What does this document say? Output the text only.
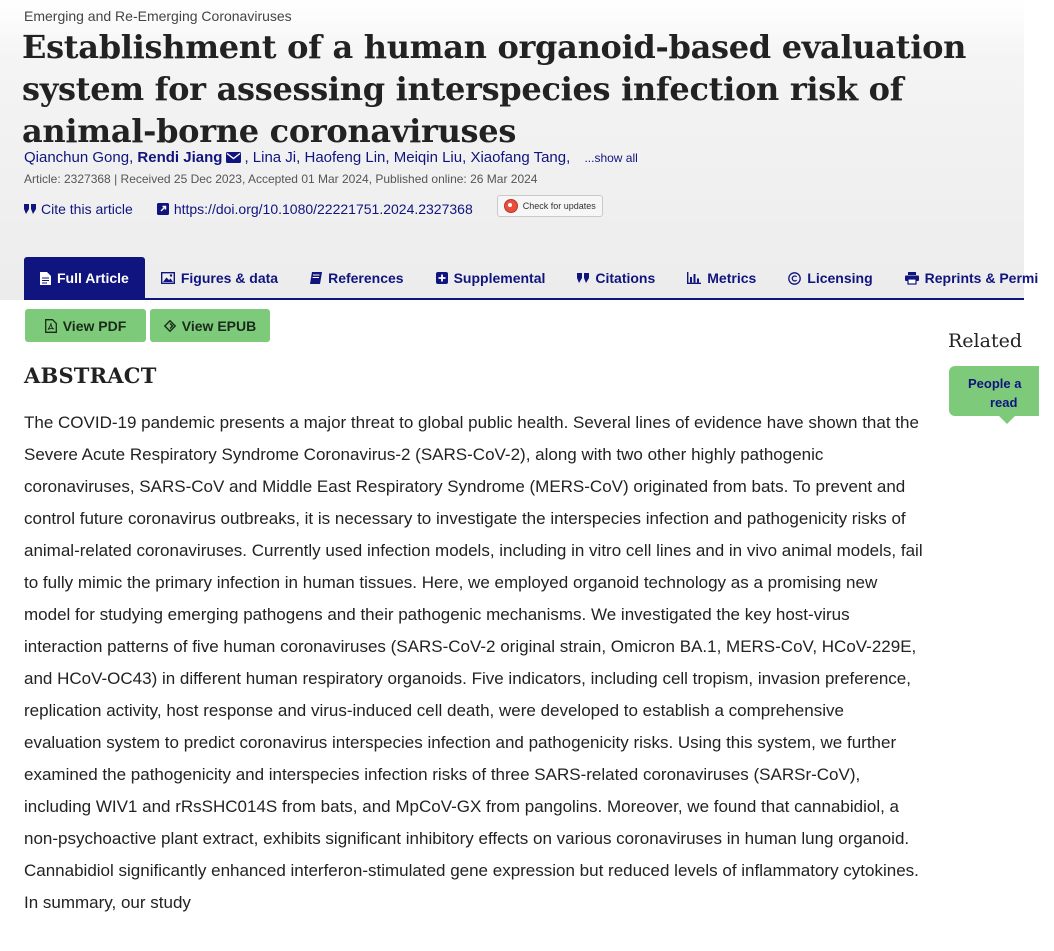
Emerging and Re-Emerging Coronaviruses
Establishment of a human organoid-based evaluation system for assessing interspecies infection risk of animal-borne coronaviruses
Qianchun Gong, Rendi Jiang , Lina Ji, Haofeng Lin, Meiqin Liu, Xiaofang Tang, ...show all
Article: 2327368 | Received 25 Dec 2023, Accepted 01 Mar 2024, Published online: 26 Mar 2024
Cite this article	https://doi.org/10.1080/22221751.2024.2327368	Check for updates
Full Article	Figures & data	References	Supplemental	Citations	Metrics	Licensing	Reprints & Permi
View PDF	View EPUB
ABSTRACT

The COVID-19 pandemic presents a major threat to global public health. Several lines of evidence have shown that the Severe Acute Respiratory Syndrome Coronavirus-2 (SARS-CoV-2), along with two other highly pathogenic coronaviruses, SARS-CoV and Middle East Respiratory Syndrome (MERS-CoV) originated from bats. To prevent and control future coronavirus outbreaks, it is necessary to investigate the interspecies infection and pathogenicity risks of animal-related coronaviruses. Currently used infection models, including in vitro cell lines and in vivo animal models, fail to fully mimic the primary infection in human tissues. Here, we employed organoid technology as a promising new model for studying emerging pathogens and their pathogenic mechanisms. We investigated the key host-virus interaction patterns of five human coronaviruses (SARS-CoV-2 original strain, Omicron BA.1, MERS-CoV, HCoV-229E, and HCoV-OC43) in different human respiratory organoids. Five indicators, including cell tropism, invasion preference, replication activity, host response and virus-induced cell death, were developed to establish a comprehensive evaluation system to predict coronavirus interspecies infection and pathogenicity risks. Using this system, we further examined the pathogenicity and interspecies infection risks of three SARS-related coronaviruses (SARSr-CoV), including WIV1 and rRsSHC014S from bats, and MpCoV-GX from pangolins. Moreover, we found that cannabidiol, a non-psychoactive plant extract, exhibits significant inhibitory effects on various coronaviruses in human lung organoid. Cannabidiol significantly enhanced interferon-stimulated gene expression but reduced levels of inflammatory cytokines. In summary, our study

Related
People a
read
